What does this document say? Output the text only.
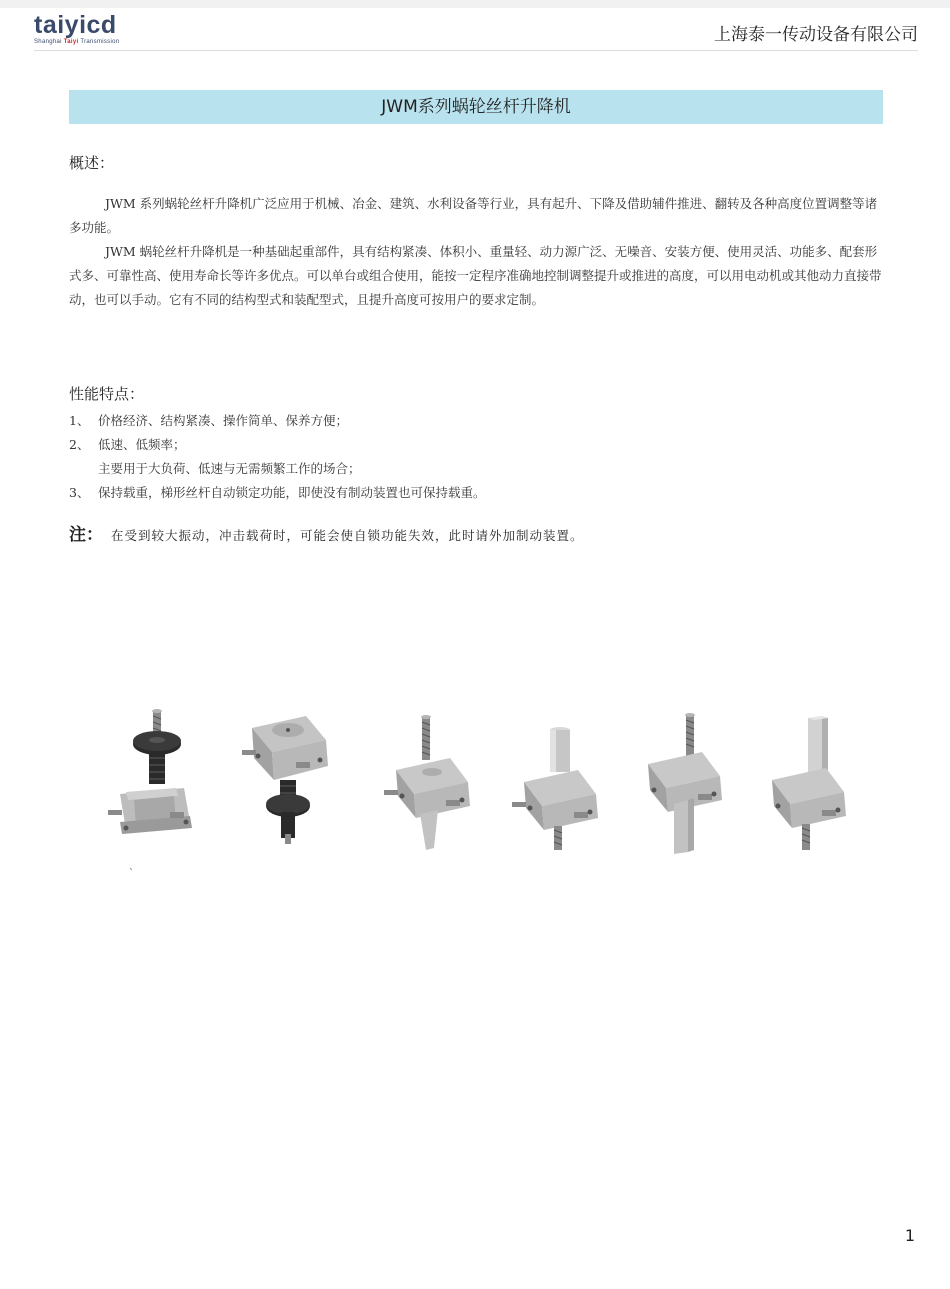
taiyicd
Shanghai Taiyi Transmission	上海泰一传动设备有限公司
JWM系列蜗轮丝杆升降机
概述：

JWM 系列蜗轮丝杆升降机广泛应用于机械、冶金、建筑、水利设备等行业，具有起升、下降及借助辅件推进、翻转及各种高度位置调整等诸多功能。

JWM 蜗轮丝杆升降机是一种基础起重部件，具有结构紧凑、体积小、重量轻、动力源广泛、无噪音、安装方便、使用灵活、功能多、配套形式多、可靠性高、使用寿命长等许多优点。可以单台或组合使用，能按一定程序准确地控制调整提升或推进的高度，可以用电动机或其他动力直接带动，也可以手动。它有不同的结构型式和装配型式，且提升高度可按用户的要求定制。

性能特点：
1、 价格经济、结构紧凑、操作简单、保养方便；
2、 低速、低频率；
主要用于大负荷、低速与无需频繁工作的场合；
3、 保持载重，梯形丝杆自动锁定功能，即使没有制动装置也可保持载重。
注： 在受到较大振动，冲击载荷时，可能会使自锁功能失效，此时请外加制动装置。
1
